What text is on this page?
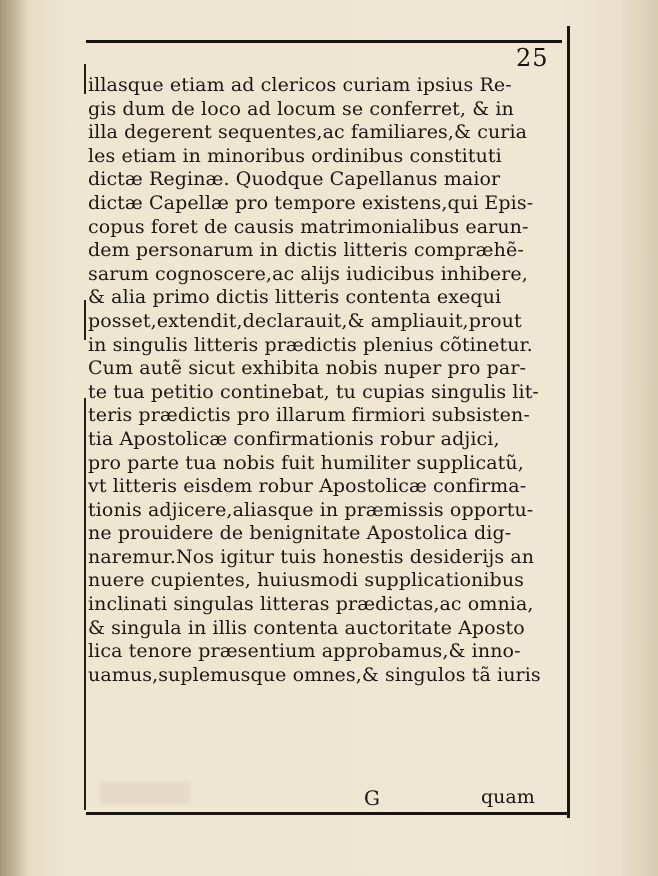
25
illasque etiam ad clericos curiam ipsius Re-
gis dum de loco ad locum se conferret, & in
illa degerent sequentes,ac familiares,& curia
les etiam in minoribus ordinibus constituti
dictæ Reginæ. Quodque Capellanus maior
dictæ Capellæ pro tempore existens,qui Epis-
copus foret de causis matrimonialibus earun-
dem personarum in dictis litteris compræhẽ-
sarum cognoscere,ac alijs iudicibus inhibere,
& alia primo dictis litteris contenta exequi
posset,extendit,declarauit,& ampliauit,prout
in singulis litteris prædictis plenius cõtinetur.
Cum autẽ sicut exhibita nobis nuper pro par-
te tua petitio continebat, tu cupias singulis lit-
teris prædictis pro illarum firmiori subsisten-
tia Apostolicæ confirmationis robur adjici,
pro parte tua nobis fuit humiliter supplicatũ,
vt litteris eisdem robur Apostolicæ confirma-
tionis adjicere,aliasque in præmissis opportu-
ne prouidere de benignitate Apostolica dig-
naremur.Nos igitur tuis honestis desiderijs an
nuere cupientes, huiusmodi supplicationibus
inclinati singulas litteras prædictas,ac omnia,
& singula in illis contenta auctoritate Aposto
lica tenore præsentium approbamus,& inno-
uamus,suplemusque omnes,& singulos tã iuris
G	quam
